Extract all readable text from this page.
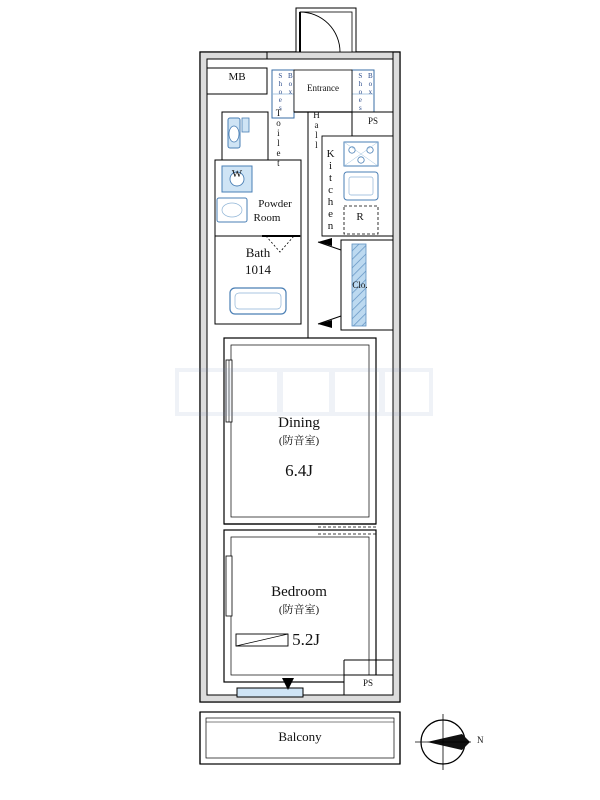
MB	Shoes Box Entrance Shoes Box
PS
Toilet	Hall
Kitchen
W
Powder
Room	R
Bath
1014
Clo.
Dining
(防音室)
6.4J
Bedroom
(防音室)
5.2J
PS
Balcony	N
